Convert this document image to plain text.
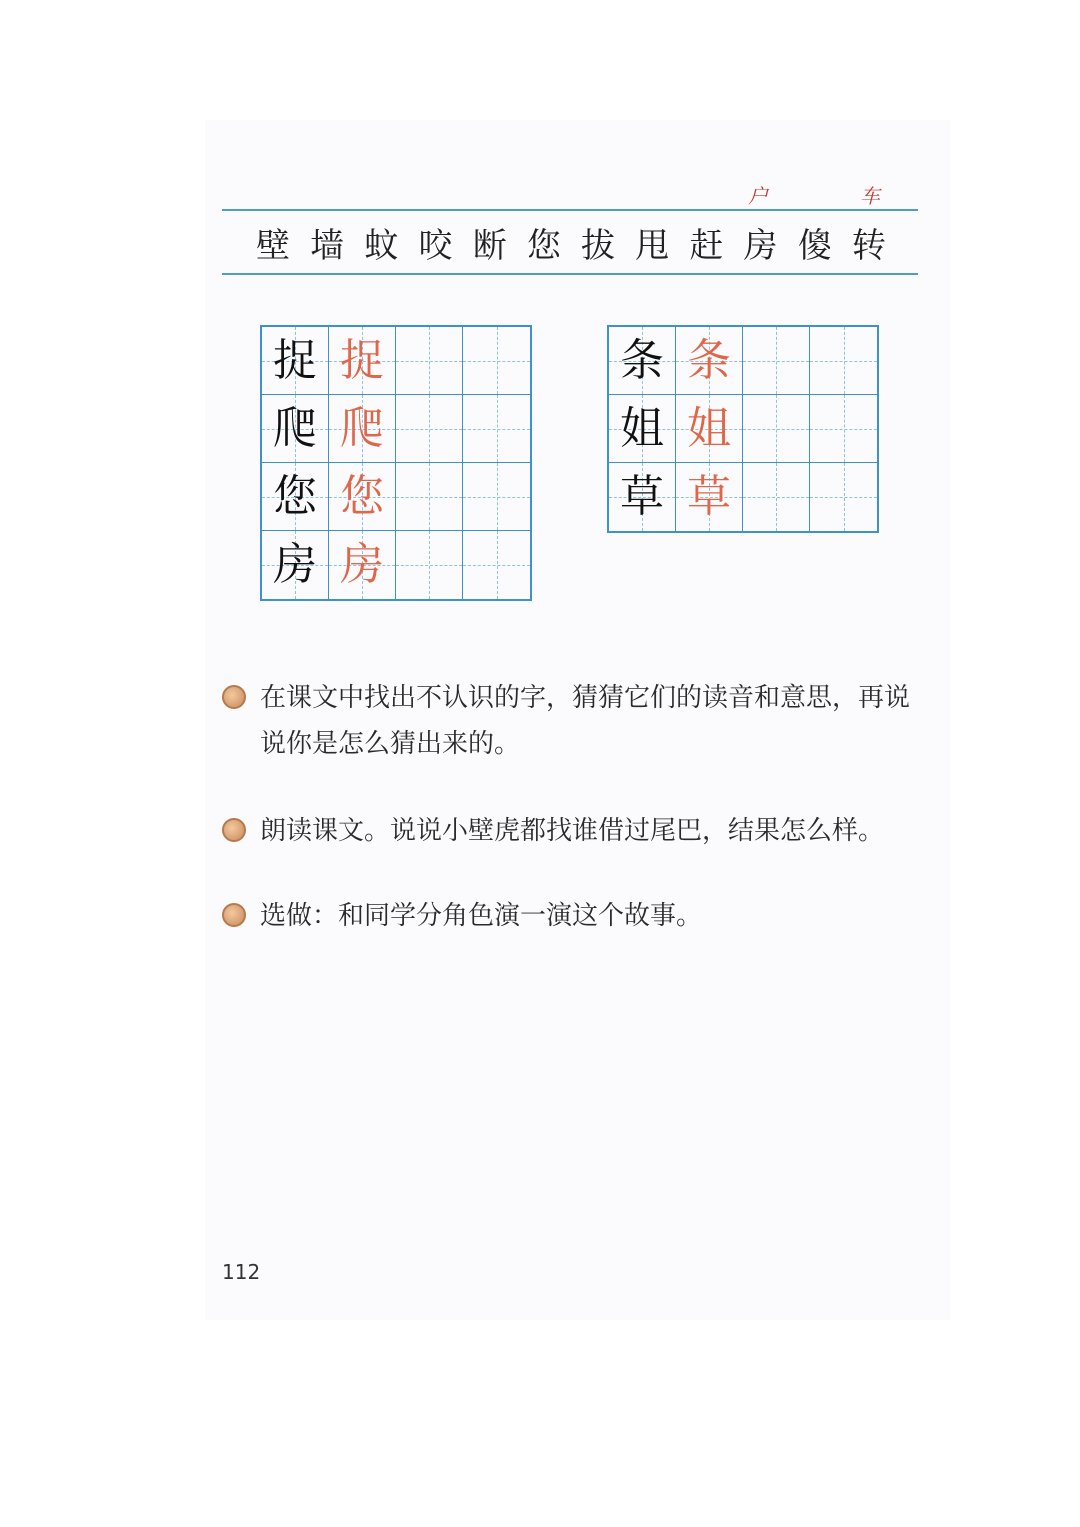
户	车
壁 墙 蚊 咬 断 您 拔 甩 赶 房 傻 转
捉 捉
爬 爬
您 您
房 房
条 条
姐 姐
草 草
在课文中找出不认识的字，猜猜它们的读音和意思，再说说你是怎么猜出来的。
朗读课文。说说小壁虎都找谁借过尾巴，结果怎么样。
选做：和同学分角色演一演这个故事。
112
